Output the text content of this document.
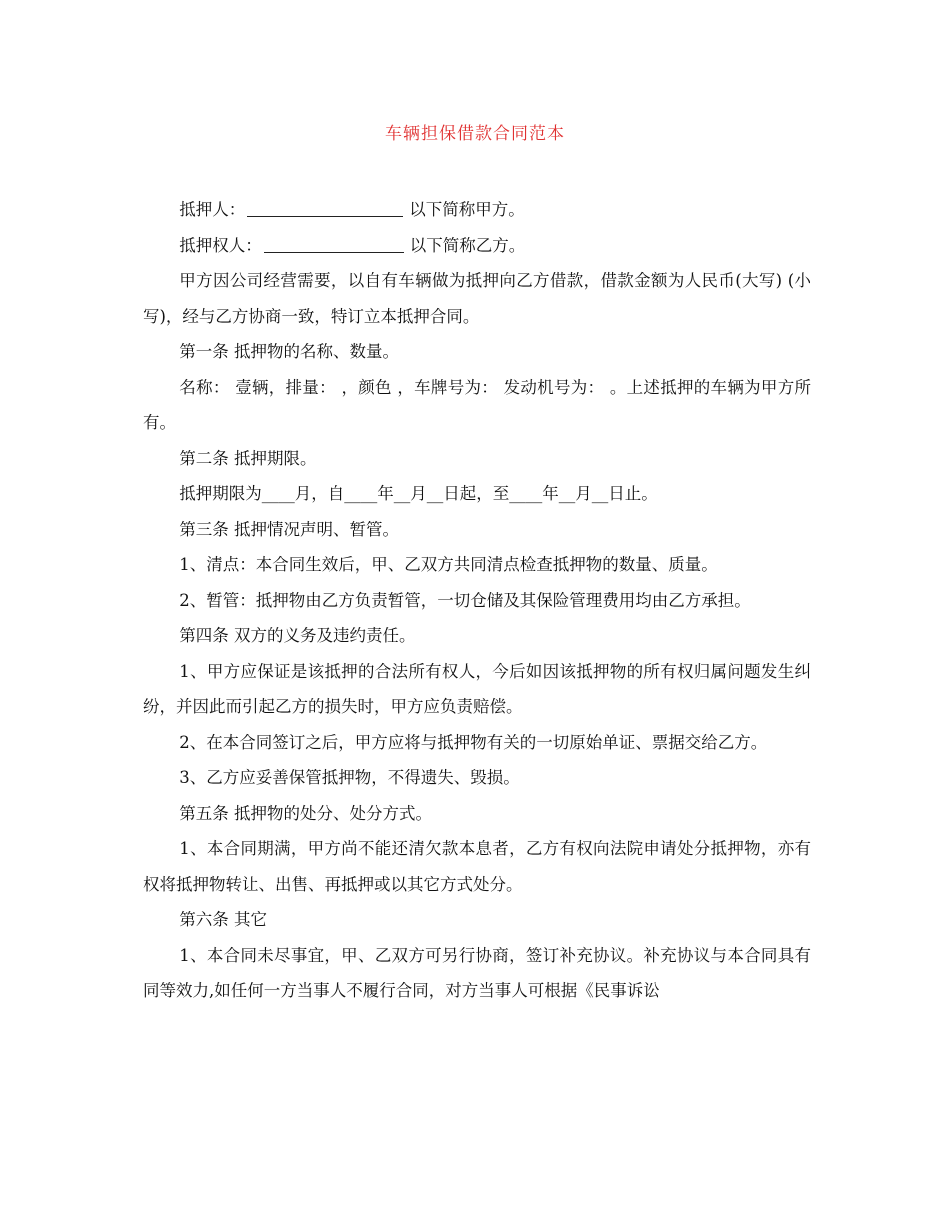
车辆担保借款合同范本

抵押人：	以下简称甲方。

抵押权人：	以下简称乙方。

甲方因公司经营需要，以自有车辆做为抵押向乙方借款，借款金额为人民币(大写) (小写)，经与乙方协商一致，特订立本抵押合同。

第一条 抵押物的名称、数量。

名称： 壹辆，排量： ，颜色 ，车牌号为： 发动机号为： 。上述抵押的车辆为甲方所有。

第二条 抵押期限。

抵押期限为____月，自____年__月__日起，至____年__月__日止。

第三条 抵押情况声明、暂管。

1、清点：本合同生效后，甲、乙双方共同清点检查抵押物的数量、质量。

2、暂管：抵押物由乙方负责暂管，一切仓储及其保险管理费用均由乙方承担。

第四条 双方的义务及违约责任。

1、甲方应保证是该抵押的合法所有权人，今后如因该抵押物的所有权归属问题发生纠纷，并因此而引起乙方的损失时，甲方应负责赔偿。

2、在本合同签订之后，甲方应将与抵押物有关的一切原始单证、票据交给乙方。

3、乙方应妥善保管抵押物，不得遗失、毁损。

第五条 抵押物的处分、处分方式。

1、本合同期满，甲方尚不能还清欠款本息者，乙方有权向法院申请处分抵押物，亦有权将抵押物转让、出售、再抵押或以其它方式处分。

第六条 其它

1、本合同未尽事宜，甲、乙双方可另行协商，签订补充协议。补充协议与本合同具有同等效力,如任何一方当事人不履行合同，对方当事人可根据《民事诉讼
